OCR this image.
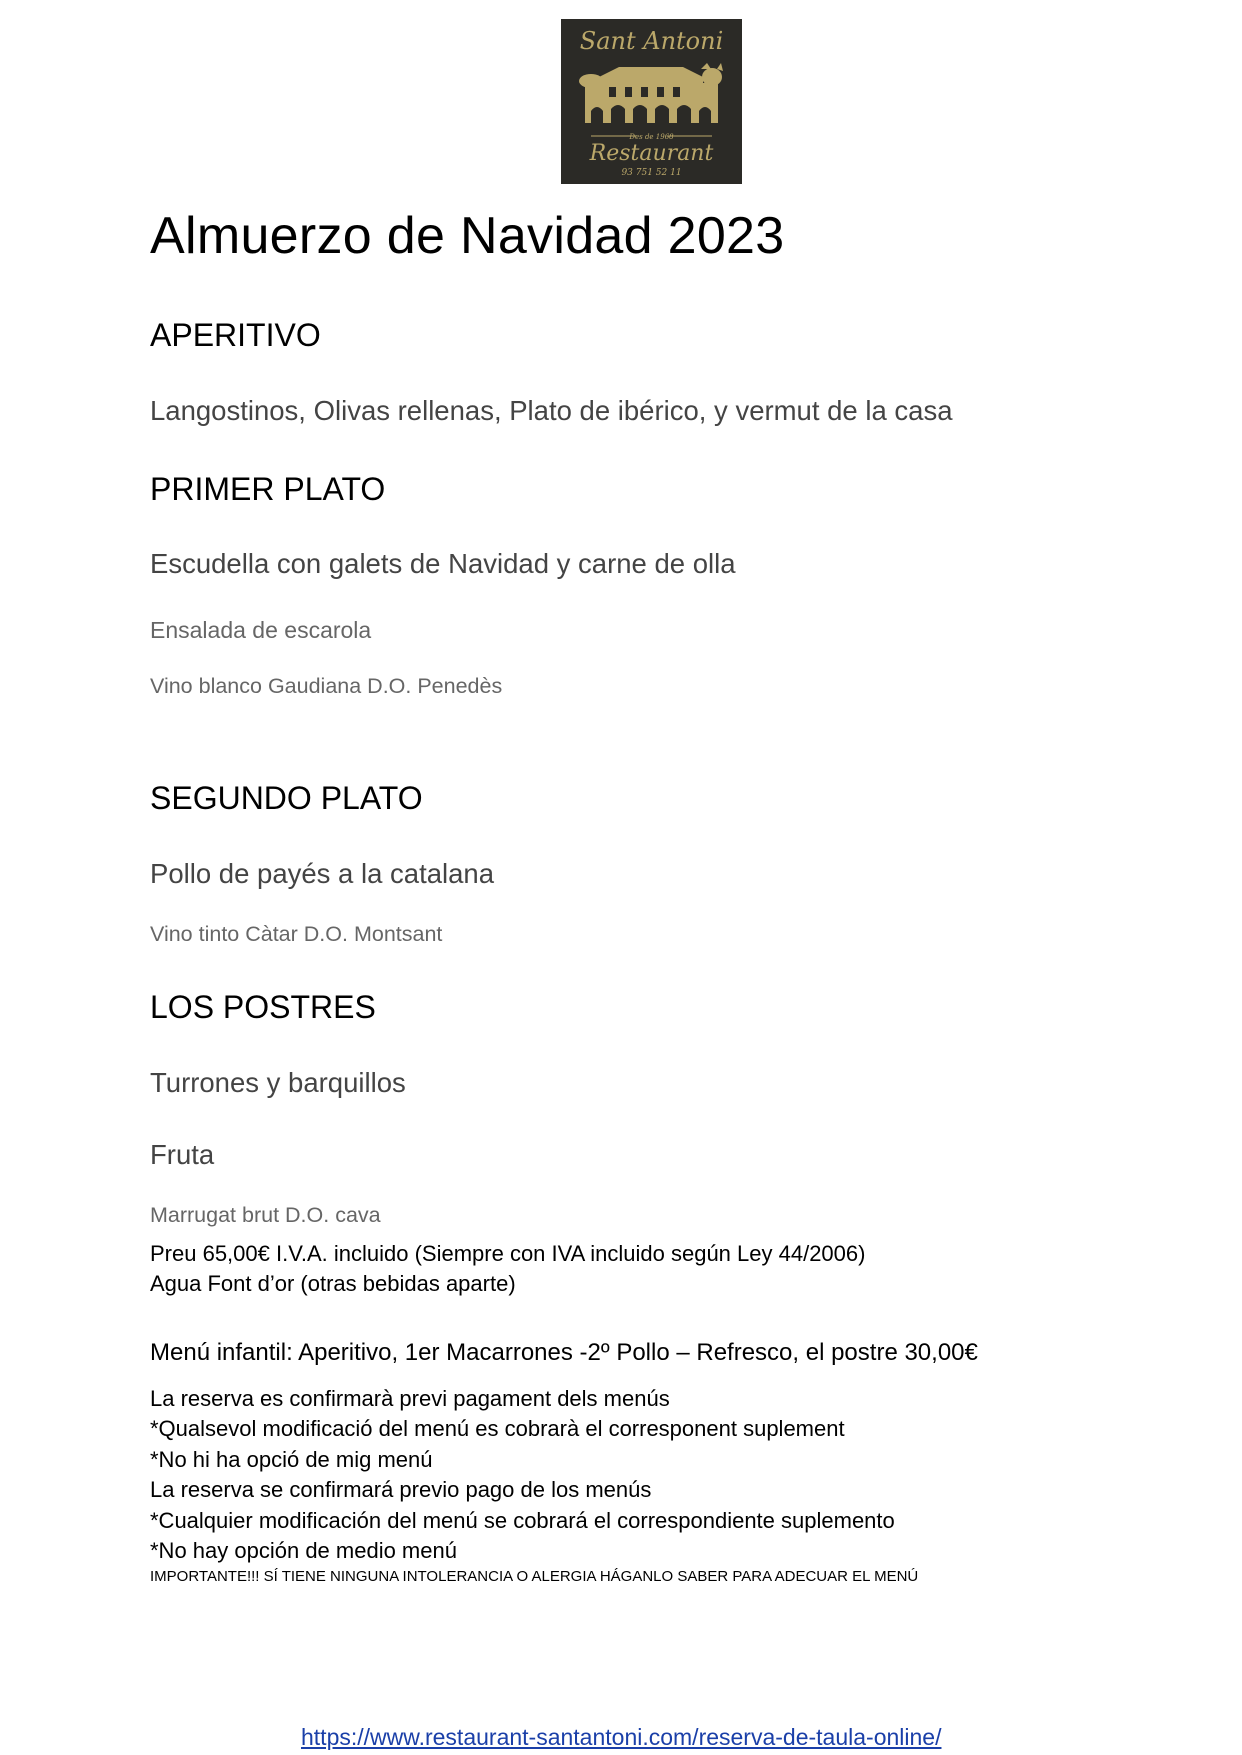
Sant Antoni
Des de 1968
Restaurant
93 751 52 11
Almuerzo de Navidad 2023
APERITIVO
Langostinos, Olivas rellenas, Plato de ibérico, y vermut de la casa
PRIMER PLATO
Escudella con galets de Navidad y carne de olla
Ensalada de escarola
Vino blanco Gaudiana D.O. Penedès
SEGUNDO PLATO
Pollo de payés a la catalana
Vino tinto Càtar D.O. Montsant
LOS POSTRES
Turrones y barquillos
Fruta
Marrugat brut D.O. cava
Preu 65,00€ I.V.A. incluido (Siempre con IVA incluido según Ley 44/2006)
Agua Font d’or (otras bebidas aparte)
Menú infantil: Aperitivo, 1er Macarrones -2º Pollo – Refresco, el postre 30,00€
La reserva es confirmarà previ pagament dels menús
*Qualsevol modificació del menú es cobrarà el corresponent suplement
*No hi ha opció de mig menú
La reserva se confirmará previo pago de los menús
*Cualquier modificación del menú se cobrará el correspondiente suplemento
*No hay opción de medio menú
IMPORTANTE!!! SÍ TIENE NINGUNA INTOLERANCIA O ALERGIA HÁGANLO SABER PARA ADECUAR EL MENÚ
https://www.restaurant-santantoni.com/reserva-de-taula-online/
